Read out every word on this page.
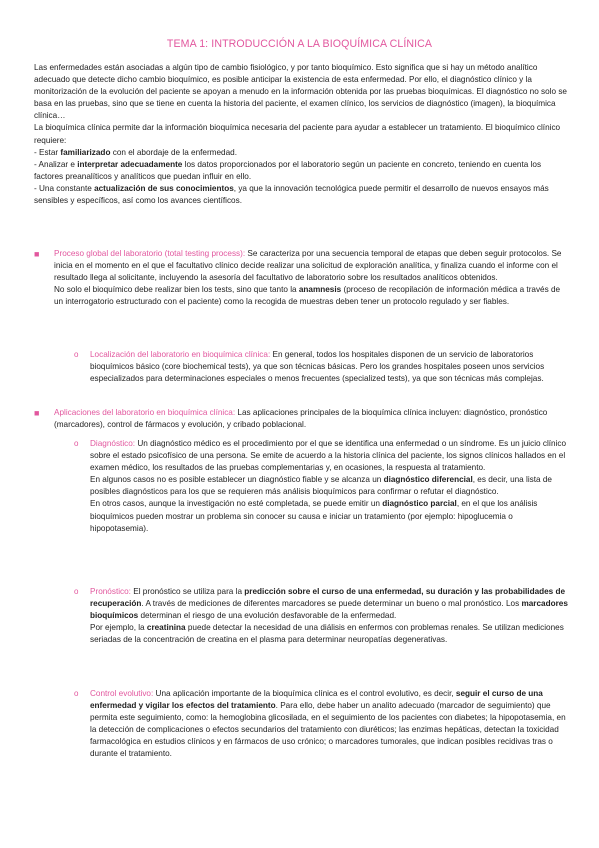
TEMA 1: INTRODUCCIÓN A LA BIOQUÍMICA CLÍNICA

Las enfermedades están asociadas a algún tipo de cambio fisiológico, y por tanto bioquímico. Esto significa que si hay un método analítico adecuado que detecte dicho cambio bioquímico, es posible anticipar la existencia de esta enfermedad. Por ello, el diagnóstico clínico y la monitorización de la evolución del paciente se apoyan a menudo en la información obtenida por las pruebas bioquímicas. El diagnóstico no solo se basa en las pruebas, sino que se tiene en cuenta la historia del paciente, el examen clínico, los servicios de diagnóstico (imagen), la bioquímica clínica…

La bioquímica clínica permite dar la información bioquímica necesaria del paciente para ayudar a establecer un tratamiento. El bioquímico clínico requiere:

- Estar familiarizado con el abordaje de la enfermedad.

- Analizar e interpretar adecuadamente los datos proporcionados por el laboratorio según un paciente en concreto, teniendo en cuenta los factores preanalíticos y analíticos que puedan influir en ello.

- Una constante actualización de sus conocimientos, ya que la innovación tecnológica puede permitir el desarrollo de nuevos ensayos más sensibles y específicos, así como los avances científicos.

■ Proceso global del laboratorio (total testing process): Se caracteriza por una secuencia temporal de etapas que deben seguir protocolos. Se inicia en el momento en el que el facultativo clínico decide realizar una solicitud de exploración analítica, y finaliza cuando el informe con el resultado llega al solicitante, incluyendo la asesoría del facultativo de laboratorio sobre los resultados analíticos obtenidos.

No solo el bioquímico debe realizar bien los tests, sino que tanto la anamnesis (proceso de recopilación de información médica a través de un interrogatorio estructurado con el paciente) como la recogida de muestras deben tener un protocolo regulado y ser fiables.

o Localización del laboratorio en bioquímica clínica: En general, todos los hospitales disponen de un servicio de laboratorios bioquímicos básico (core biochemical tests), ya que son técnicas básicas. Pero los grandes hospitales poseen unos servicios especializados para determinaciones especiales o menos frecuentes (specialized tests), ya que son técnicas más complejas.

■ Aplicaciones del laboratorio en bioquímica clínica: Las aplicaciones principales de la bioquímica clínica incluyen: diagnóstico, pronóstico (marcadores), control de fármacos y evolución, y cribado poblacional.

o Diagnóstico: Un diagnóstico médico es el procedimiento por el que se identifica una enfermedad o un síndrome. Es un juicio clínico sobre el estado psicofísico de una persona. Se emite de acuerdo a la historia clínica del paciente, los signos clínicos hallados en el examen médico, los resultados de las pruebas complementarias y, en ocasiones, la respuesta al tratamiento.

En algunos casos no es posible establecer un diagnóstico fiable y se alcanza un diagnóstico diferencial, es decir, una lista de posibles diagnósticos para los que se requieren más análisis bioquímicos para confirmar o refutar el diagnóstico.

En otros casos, aunque la investigación no esté completada, se puede emitir un diagnóstico parcial, en el que los análisis bioquímicos pueden mostrar un problema sin conocer su causa e iniciar un tratamiento (por ejemplo: hipoglucemia o hipopotasemia).

o Pronóstico: El pronóstico se utiliza para la predicción sobre el curso de una enfermedad, su duración y las probabilidades de recuperación. A través de mediciones de diferentes marcadores se puede determinar un bueno o mal pronóstico. Los marcadores bioquímicos determinan el riesgo de una evolución desfavorable de la enfermedad.

Por ejemplo, la creatinina puede detectar la necesidad de una diálisis en enfermos con problemas renales. Se utilizan mediciones seriadas de la concentración de creatina en el plasma para determinar neuropatías degenerativas.

o Control evolutivo: Una aplicación importante de la bioquímica clínica es el control evolutivo, es decir, seguir el curso de una enfermedad y vigilar los efectos del tratamiento. Para ello, debe haber un analito adecuado (marcador de seguimiento) que permita este seguimiento, como: la hemoglobina glicosilada, en el seguimiento de los pacientes con diabetes; la hipopotasemia, en la detección de complicaciones o efectos secundarios del tratamiento con diuréticos; las enzimas hepáticas, detectan la toxicidad farmacológica en estudios clínicos y en fármacos de uso crónico; o marcadores tumorales, que indican posibles recidivas tras o durante el tratamiento.
